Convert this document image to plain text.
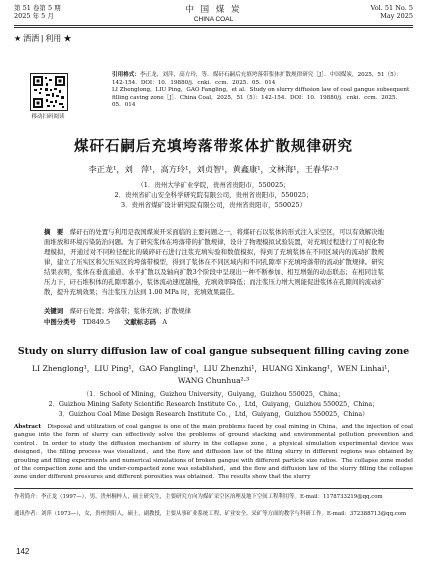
第 51 卷第 5 期
2025 年 5 月
中 国 煤 炭
CHINA COAL
Vol. 51 No. 5
May 2025
★ 洒洒 | 利用 ★
移动扫码阅读
引用格式：李正龙，刘萍，高方玲，等．煤矸石嗣后充填垮落带浆体扩散规律研究［J］．中国煤炭，2025，51（5）：142-154．DOI：10．19880/j．cnki．ccm．2025．05．014
LI Zhenglong，LIU Ping，GAO Fangling，et al．Study on slurry diffusion law of coal gangue subsequent filling caving zone［J］．China Coal，2025，51（5）：142-154．DOI：10．19880/j．cnki．ccm．2025．05．014
煤矸石嗣后充填垮落带浆体扩散规律研究
李正龙¹，刘　萍¹，高方玲¹，刘贞智¹，黄鑫康¹，文林海¹，王春华²·³
（1．贵州大学矿业学院，贵州省贵阳市，550025；
2．贵州省矿山安全科学研究院有限公司，贵州省贵阳市，550025；
3．贵州省煤矿设计研究院有限公司，贵州省贵阳市，550025）
摘　要　 煤矸石的处置与利用是我国煤炭开采面临的主要问题之一，将煤矸石以浆体的形式注入采空区，可以有效解决地面堆放和环境污染防治问题。为了研究浆体在垮落带的扩散规律，设计了物理模拟试验装置，对充填过程进行了可视化物理模拟，开通过对不同粒径配比的破碎矸石进行注浆充填实验和数值模拟，得到了充填浆体在不同区域内的流动扩散规律，建立了压实区和欠压实区的垮落带模型，得到了浆体在不同区域内和不同孔隙率下充填垮落带的流动扩散规律。研究结果表明，浆体在垂直通道、水平扩散以及轴向扩散3个阶段中呈现出一种不断参加、相互增强的动态联态；在相同注浆压力下，矸石堆积体的孔隙率越小，浆体流动速度越慢，充填效率降低；而注浆压力增大则能促进浆体在孔隙间的流动扩散，提升充填效果；当注浆压力达到 1.00 MPa 时，充填效果最佳。
关键词　 煤矸石处置；垮落带；浆体充填；扩散规律
中图分类号　 TD849.5 文献标志码　 A
Study on slurry diffusion law of coal gangue subsequent filling caving zone
LI Zhenglong¹，LIU Ping¹，GAO Fangling¹，LIU Zhenzhi¹，HUANG Xinkang¹，WEN Linhai¹，WANG Chunhua²·³
（1．School of Mining，Guizhou University，Guiyang，Guizhou 550025，China；
2．Guizhou Mining Safety Scientific Research Institute Co．，Ltd，Guiyang，Guizhou 550025，China；
3．Guizhou Coal Mine Design Research Institute Co．，Ltd，Guiyang，Guizhou 550025，China）
Abstract　 Disposal and utilization of coal gangue is one of the main problems faced by coal mining in China，and the injection of coal gangue into the form of slurry can effectively solve the problems of ground stacking and environmental pollution prevention and control．In order to study the diffusion mechanism of slurry in the collapse zone，a physical simulation experimental device was designed，the filling process was visualized，and the flow and diffusion law of the filling slurry in different regions was obtained by grouting and filling experiments and numerical simulations of broken gangue with different particle size ratios．The collapse zone model of the compaction zone and the under-compacted zone was established，and the flow and diffusion law of the slurry filling the collapse zone under different pressures and different porosities was obtained．The results show that the slurry
作者简介：李正龙（1997—），男，贵州桐梓人，硕士研究生，主要研究方向为煤矿采空区治理及地下空间工程利用等。E-mail：1178733219@qq.com
通讯作者：刘萍（1973—），女，贵州贵阳人，硕士，副教授，主要从事矿业系统工程、矿业安全、采矿等方面的教学与科研工作。E-mail：372388713@qq.com
142
